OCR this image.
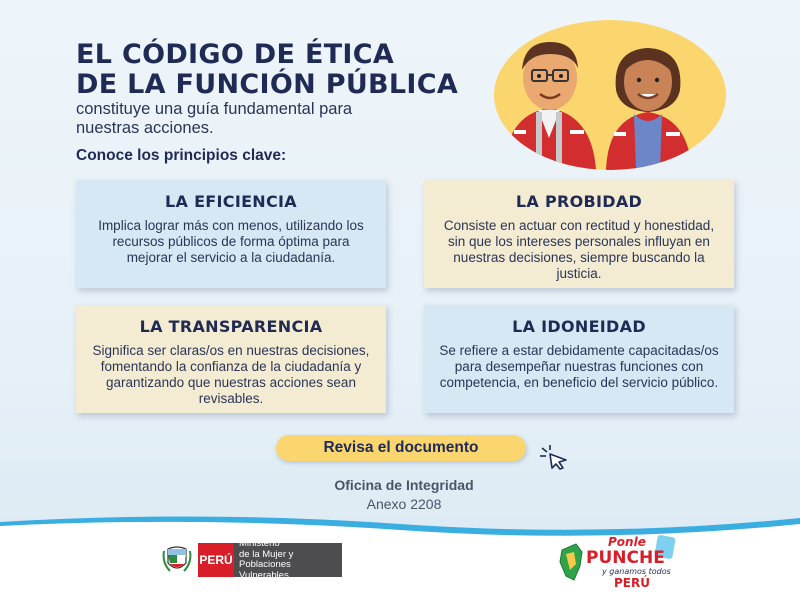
EL CÓDIGO DE ÉTICA
DE LA FUNCIÓN PÚBLICA

constituye una guía fundamental para nuestras acciones.

Conoce los principios clave:

LA EFICIENCIA

Implica lograr más con menos, utilizando los recursos públicos de forma óptima para mejorar el servicio a la ciudadanía.

LA PROBIDAD

Consiste en actuar con rectitud y honestidad, sin que los intereses personales influyan en nuestras decisiones, siempre buscando la justicia.

LA TRANSPARENCIA

Significa ser claras/os en nuestras decisiones, fomentando la confianza de la ciudadanía y garantizando que nuestras acciones sean revisables.

LA IDONEIDAD

Se refiere a estar debidamente capacitadas/os para desempeñar nuestras funciones con competencia, en beneficio del servicio público.

Revisa el documento

Oficina de Integridad

Anexo 2208

PERÚ
Ministerio
de la Mujer y
Poblaciones Vulnerables
Ponle
PUNCHE
y ganamos todos
PERÚ
